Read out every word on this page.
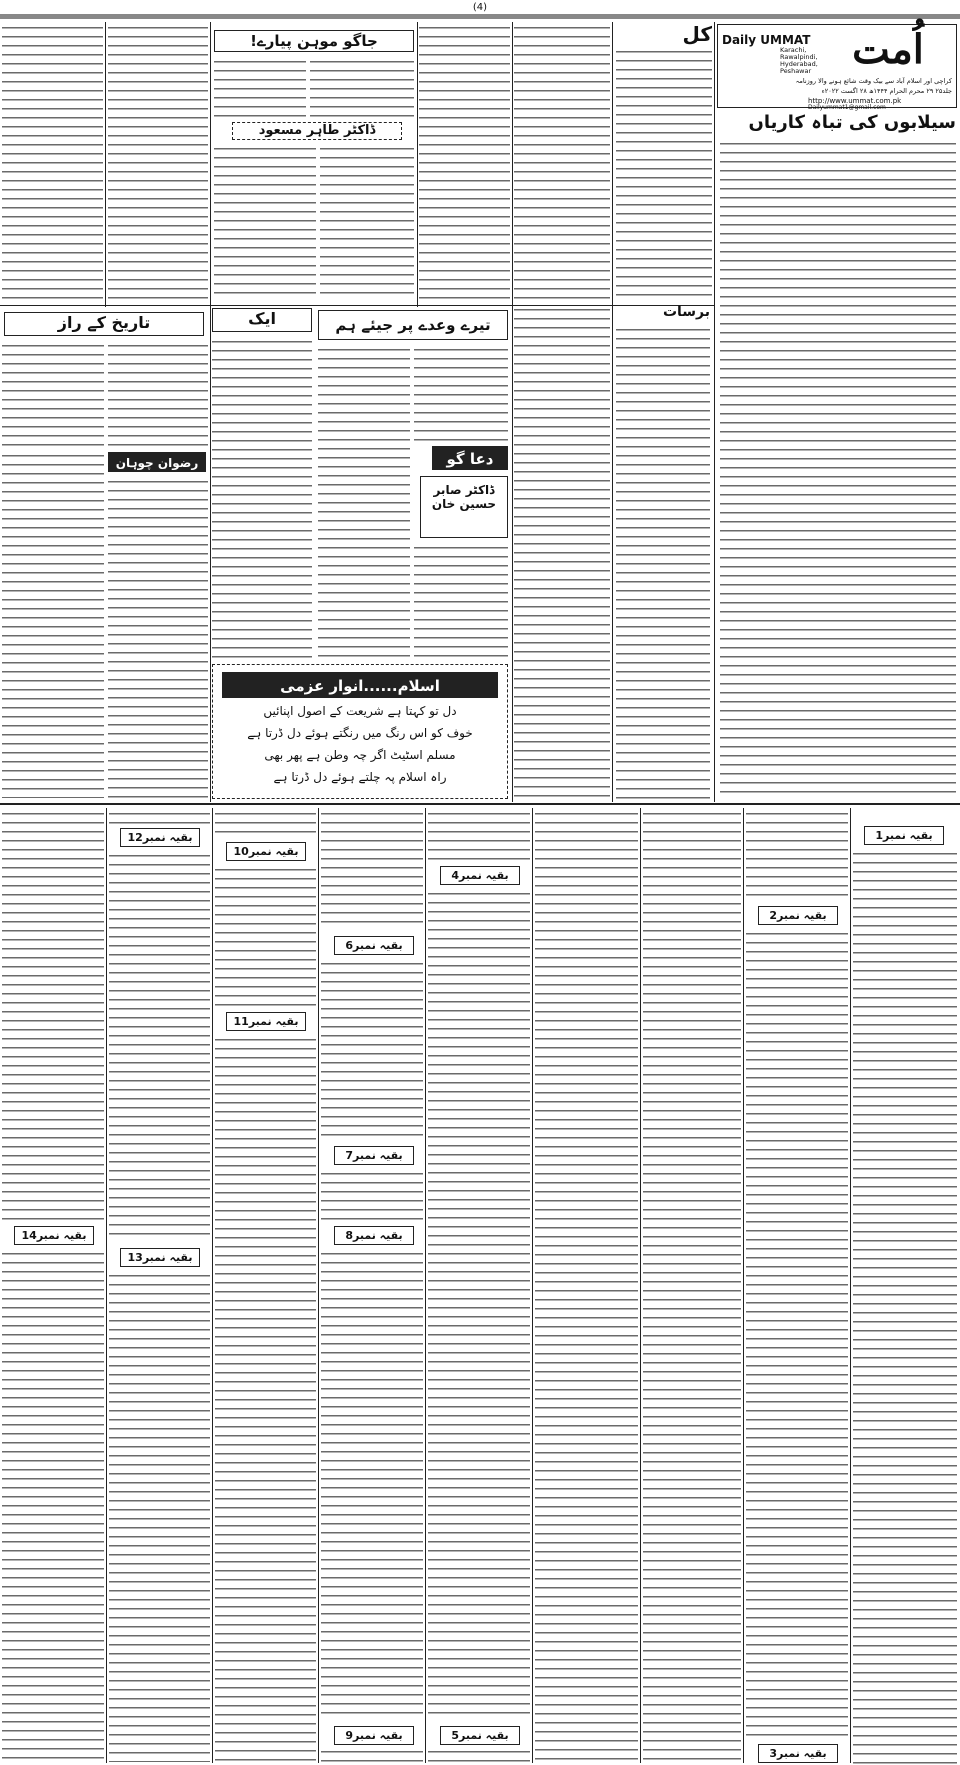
(4)
Daily UMMAT
Karachi, Rawalpindi, Hyderabad, Peshawar	اُمت
کراچی اور اسلام آباد سے بیک وقت شائع ہونے والا روزنامہ
جلد۲۵ ۲۹ محرم الحرام ۱۴۴۴ھ ۲۸ اگست ۲۰۲۲ء
http://www.ummat.com.pk
Dailyummat1@gmail.com
سیلابوں کی تباہ کاریاں
کل
جاگو موہن پیارے!
ڈاکٹر طاہر مسعود
تاریخ کے راز
رضوان چوہان
ایک	تیرے وعدے پر جیئے ہم
دعا گو
ڈاکٹر صابر حسین خان
برسات
اسلام......انوار عزمی
دل تو کہتا ہے شریعت کے اصول اپنائیں
خوف کو اس رنگ میں رنگتے ہوئے دل ڈرتا ہے
مسلم اسٹیٹ اگر چہ وطن ہے پھر بھی
راہ اسلام پہ چلتے ہوئے دل ڈرتا ہے
بقیہ نمبر1
بقیہ نمبر2
بقیہ نمبر3
بقیہ نمبر4
بقیہ نمبر5
بقیہ نمبر6
بقیہ نمبر7
بقیہ نمبر8
بقیہ نمبر9
بقیہ نمبر10
بقیہ نمبر11
بقیہ نمبر12
بقیہ نمبر13
بقیہ نمبر14
